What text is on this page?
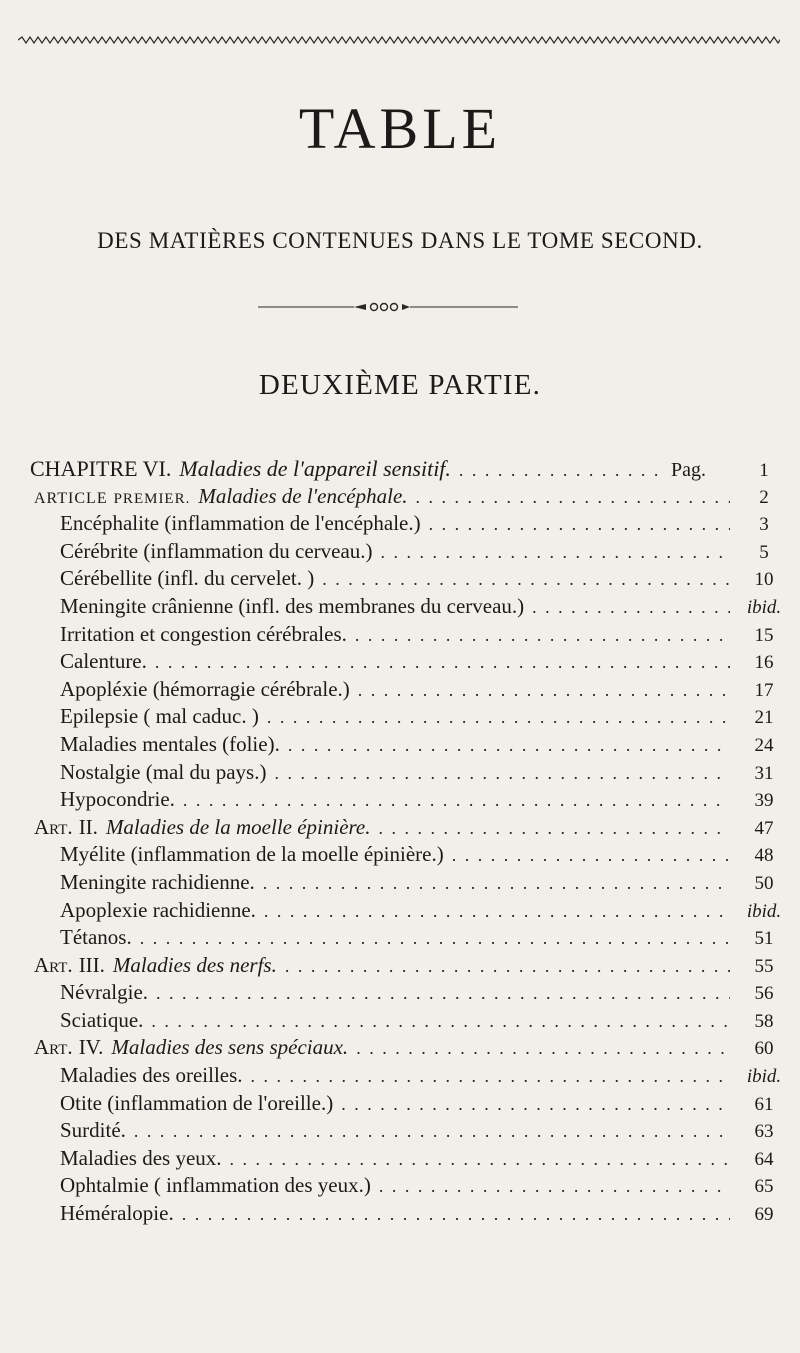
TABLE
DES MATIÈRES CONTENUES DANS LE TOME SECOND.
DEUXIÈME PARTIE.
CHAPITRE VI. Maladies de l'appareil sensitif. . . .	Pag.	1
ARTICLE PREMIER. Maladies de l'encéphale. . . .	2
Encéphalite (inflammation de l'encéphale.) . . .	3
Cérébrite (inflammation du cerveau.) . . .	5
Cérébellite (infl. du cervelet. ) . . .	10
Meningite crânienne (infl. des membranes du cerveau.) . . .	ibid.
Irritation et congestion cérébrales. . . .	15
Calenture. . . .	16
Apopléxie (hémorragie cérébrale.) . . .	17
Epilepsie ( mal caduc. ) . . .	21
Maladies mentales (folie). . . .	24
Nostalgie (mal du pays.) . . .	31
Hypocondrie. . . .	39
Art. II. Maladies de la moelle épinière. . . .	47
Myélite (inflammation de la moelle épinière.) . . .	48
Meningite rachidienne. . . .	50
Apoplexie rachidienne. . . .	ibid.
Tétanos. . . .	51
Art. III. Maladies des nerfs. . . .	55
Névralgie. . . .	56
Sciatique. . . .	58
Art. IV. Maladies des sens spéciaux. . . .	60
Maladies des oreilles. . . .	ibid.
Otite (inflammation de l'oreille.) . . .	61
Surdité. . . .	63
Maladies des yeux. . . .	64
Ophtalmie ( inflammation des yeux.) . . .	65
Héméralopie. . . .	69
